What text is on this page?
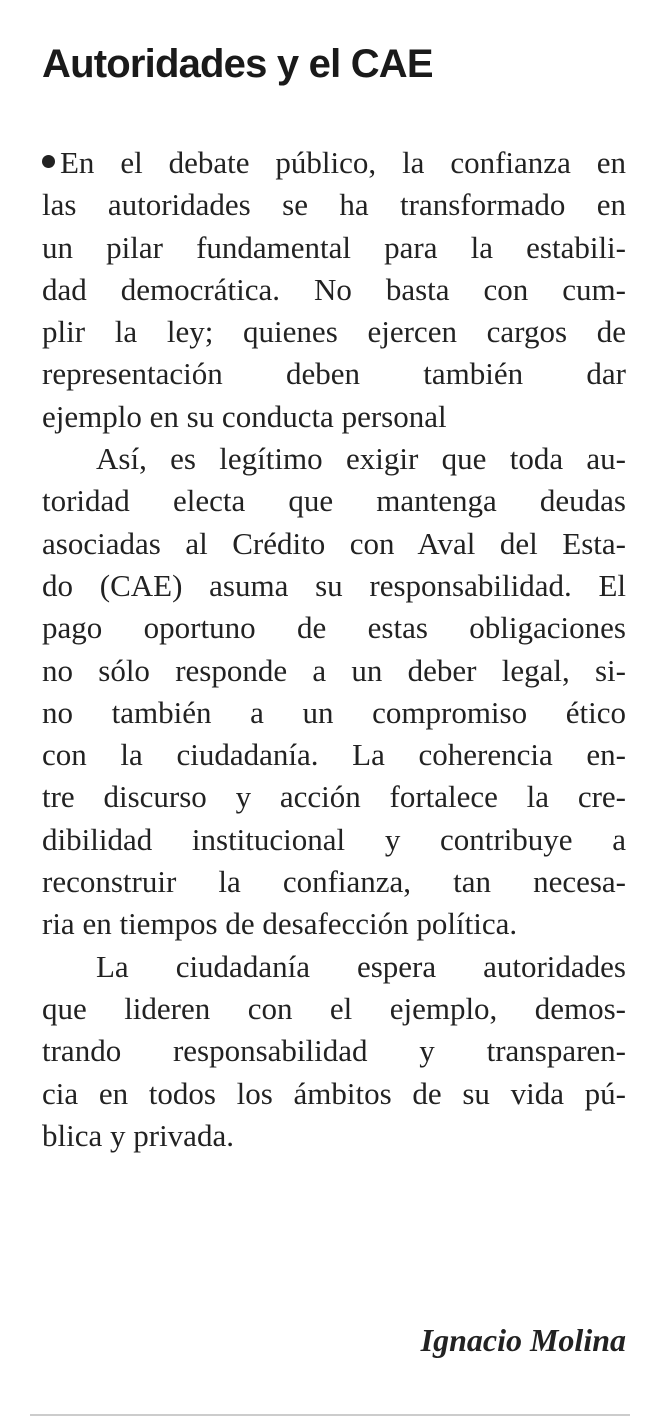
Autoridades y el CAE
En el debate público, la confianza en
las autoridades se ha transformado en
un pilar fundamental para la estabili-
dad democrática. No basta con cum-
plir la ley; quienes ejercen cargos de
representación deben también dar
ejemplo en su conducta personal
Así, es legítimo exigir que toda au-
toridad electa que mantenga deudas
asociadas al Crédito con Aval del Esta-
do (CAE) asuma su responsabilidad. El
pago oportuno de estas obligaciones
no sólo responde a un deber legal, si-
no también a un compromiso ético
con la ciudadanía. La coherencia en-
tre discurso y acción fortalece la cre-
dibilidad institucional y contribuye a
reconstruir la confianza, tan necesa-
ria en tiempos de desafección política.
La ciudadanía espera autoridades
que lideren con el ejemplo, demos-
trando responsabilidad y transparen-
cia en todos los ámbitos de su vida pú-
blica y privada.

Ignacio Molina
